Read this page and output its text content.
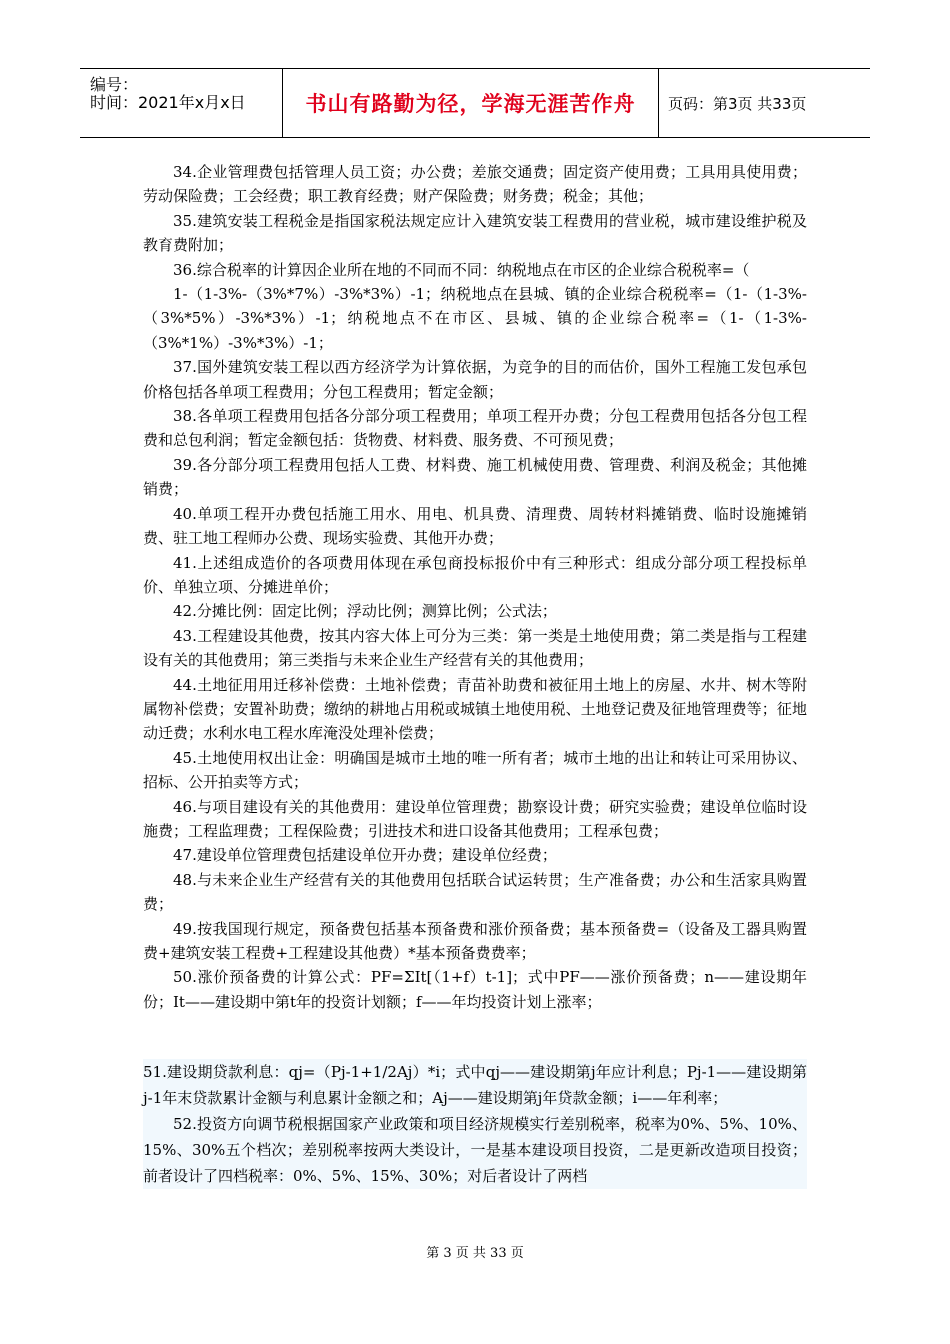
编号：
时间：2021年x月x日	书山有路勤为径，学海无涯苦作舟 页码：第3页 共33页

34.企业管理费包括管理人员工资；办公费；差旅交通费；固定资产使用费；工具用具使用费；劳动保险费；工会经费；职工教育经费；财产保险费；财务费；税金；其他；

35.建筑安装工程税金是指国家税法规定应计入建筑安装工程费用的营业税，城市建设维护税及教育费附加；

36.综合税率的计算因企业所在地的不同而不同：纳税地点在市区的企业综合税税率=（

1-（1-3%-（3%*7%）-3%*3%）-1；纳税地点在县城、镇的企业综合税税率=（1-（1-3%-（3%*5%）-3%*3%）-1；纳税地点不在市区、县城、镇的企业综合税率=（1-（1-3%-（3%*1%）-3%*3%）-1；

37.国外建筑安装工程以西方经济学为计算依据，为竞争的目的而估价，国外工程施工发包承包价格包括各单项工程费用；分包工程费用；暂定金额；

38.各单项工程费用包括各分部分项工程费用；单项工程开办费；分包工程费用包括各分包工程费和总包利润；暂定金额包括：货物费、材料费、服务费、不可预见费；

39.各分部分项工程费用包括人工费、材料费、施工机械使用费、管理费、利润及税金；其他摊销费；

40.单项工程开办费包括施工用水、用电、机具费、清理费、周转材料摊销费、临时设施摊销费、驻工地工程师办公费、现场实验费、其他开办费；

41.上述组成造价的各项费用体现在承包商投标报价中有三种形式：组成分部分项工程投标单价、单独立项、分摊进单价；

42.分摊比例：固定比例；浮动比例；测算比例；公式法；

43.工程建设其他费，按其内容大体上可分为三类：第一类是土地使用费；第二类是指与工程建设有关的其他费用；第三类指与未来企业生产经营有关的其他费用；

44.土地征用用迁移补偿费：土地补偿费；青苗补助费和被征用土地上的房屋、水井、树木等附属物补偿费；安置补助费；缴纳的耕地占用税或城镇土地使用税、土地登记费及征地管理费等；征地动迁费；水利水电工程水库淹没处理补偿费；

45.土地使用权出让金：明确国是城市土地的唯一所有者；城市土地的出让和转让可采用协议、招标、公开拍卖等方式；

46.与项目建设有关的其他费用：建设单位管理费；勘察设计费；研究实验费；建设单位临时设施费；工程监理费；工程保险费；引进技术和进口设备其他费用；工程承包费；

47.建设单位管理费包括建设单位开办费；建设单位经费；

48.与未来企业生产经营有关的其他费用包括联合试运转贯；生产准备费；办公和生活家具购置费；

49.按我国现行规定，预备费包括基本预备费和涨价预备费；基本预备费=（设备及工器具购置费+建筑安装工程费+工程建设其他费）*基本预备费费率；

50.涨价预备费的计算公式：PF=ΣIt[（1+f）t-1]；式中PF——涨价预备费；n——建设期年份；It——建设期中第t年的投资计划额；f——年均投资计划上涨率；

51.建设期贷款利息：qj=（Pj-1+1/2Aj）*i；式中qj——建设期第j年应计利息；Pj-1——建设期第j-1年末贷款累计金额与利息累计金额之和；Aj——建设期第j年贷款金额；i——年利率；

52.投资方向调节税根据国家产业政策和项目经济规模实行差别税率，税率为0%、5%、10%、15%、30%五个档次；差别税率按两大类设计，一是基本建设项目投资，二是更新改造项目投资；前者设计了四档税率：0%、5%、15%、30%；对后者设计了两档

第 3 页 共 33 页
